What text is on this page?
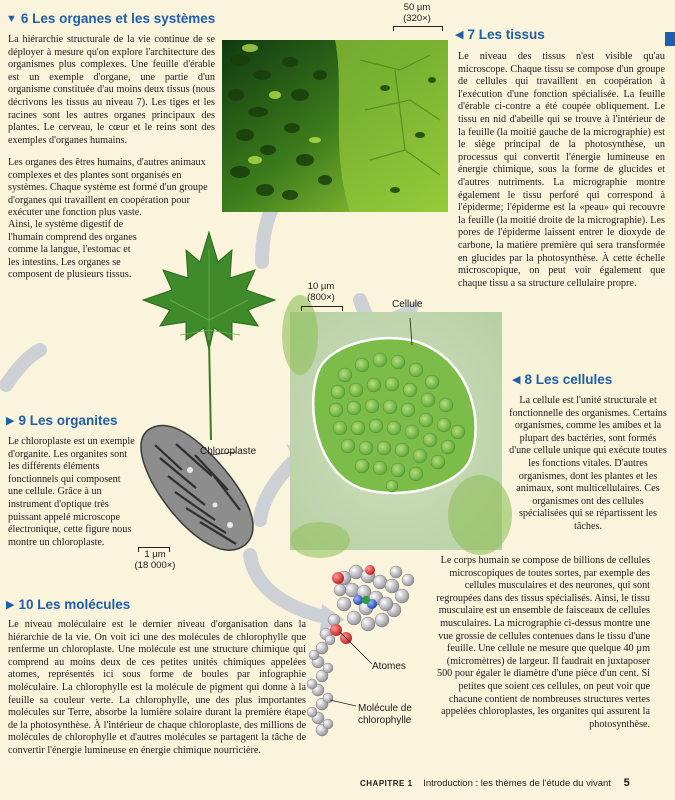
▼ 6 Les organes et les systèmes

La hiérarchie structurale de la vie continue de se déployer à mesure qu'on explore l'architecture des organismes plus complexes. Une feuille d'érable est un exemple d'organe, une partie d'un organisme constituée d'au moins deux tissus (nous décrivons les tissus au niveau 7). Les tiges et les racines sont les autres organes principaux des plantes. Le cerveau, le cœur et le reins sont des exemples d'organes humains.

Les organes des êtres humains, d'autres animaux complexes et des plantes sont organisés en systèmes. Chaque système est formé d'un groupe d'organes qui travaillent en coopération pour exécuter une fonction plus vaste.

Ainsi, le système digestif de l'humain comprend des organes comme la langue, l'estomac et les intestins. Les organes se composent de plusieurs tissus.

◀ 7 Les tissus

Le niveau des tissus n'est visible qu'au microscope. Chaque tissu se compose d'un groupe de cellules qui travaillent en coopération à l'exécution d'une fonction spécialisée. La feuille d'érable ci-contre a été coupée obliquement. Le tissu en nid d'abeille qui se trouve à l'intérieur de la feuille (la moitié gauche de la micrographie) est le siège principal de la photosynthèse, un processus qui convertit l'énergie lumineuse en énergie chimique, sous la forme de glucides et d'autres nutriments. La micrographie montre également le tissu perforé qui correspond à l'épiderme; l'épiderme est la «peau» qui recouvre la feuille (la moitié droite de la micrographie). Les pores de l'épiderme laissent entrer le dioxyde de carbone, la matière première qui sera transformée en glucides par la photosynthèse. À cette échelle microscopique, on peut voir également que chaque tissu a sa structure cellulaire propre.

◀ 8 Les cellules

La cellule est l'unité structurale et fonctionnelle des organismes. Certains organismes, comme les amibes et la plupart des bactéries, sont formés d'une cellule unique qui exécute toutes les fonctions vitales. D'autres organismes, dont les plantes et les animaux, sont multicellulaires. Ces organismes ont des cellules spécialisées qui se répartissent les tâches.

Le corps humain se compose de billions de cellules microscopiques de toutes sortes, par exemple des cellules musculaires et des neurones, qui sont regroupées dans des tissus spécialisés. Ainsi, le tissu musculaire est un ensemble de faisceaux de cellules musculaires. La micrographie ci-dessus montre une vue grossie de cellules contenues dans le tissu d'une feuille. Une cellule ne mesure que quelque 40 µm (micromètres) de largeur. Il faudrait en juxtaposer 500 pour égaler le diamètre d'une pièce d'un cent. Si petites que soient ces cellules, on peut voir que chacune contient de nombreuses structures vertes appelées chloroplastes, les organites qui assurent la photosynthèse.

▶ 9 Les organites

Le chloroplaste est un exemple d'organite. Les organites sont les différents éléments fonctionnels qui composent une cellule. Grâce à un instrument d'optique très puissant appelé microscope électronique, cette figure nous montre un chloroplaste.

▶ 10 Les molécules

Le niveau moléculaire est le dernier niveau d'organisation dans la hiérarchie de la vie. On voit ici une des molécules de chlorophylle que renferme un chloroplaste. Une molécule est une structure chimique qui comprend au moins deux de ces petites unités chimiques appelées atomes, représentés ici sous forme de boules par infographie moléculaire. La chlorophylle est la molécule de pigment qui donne à la feuille sa couleur verte. La chlorophylle, une des plus importantes molécules sur Terre, absorbe la lumière solaire durant la première étape de la photosynthèse. À l'intérieur de chaque chloroplaste, des millions de molécules de chlorophylle et d'autres molécules se partagent la tâche de convertir l'énergie lumineuse en énergie chimique nourricière.

50 µm
(320×)
10 µm
(800×)
Cellule
Chloroplaste
1 µm
(18 000×)
Atomes
Molécule de
chlorophylle
CHAPITRE 1 Introduction : les thèmes de l'étude du vivant 5
